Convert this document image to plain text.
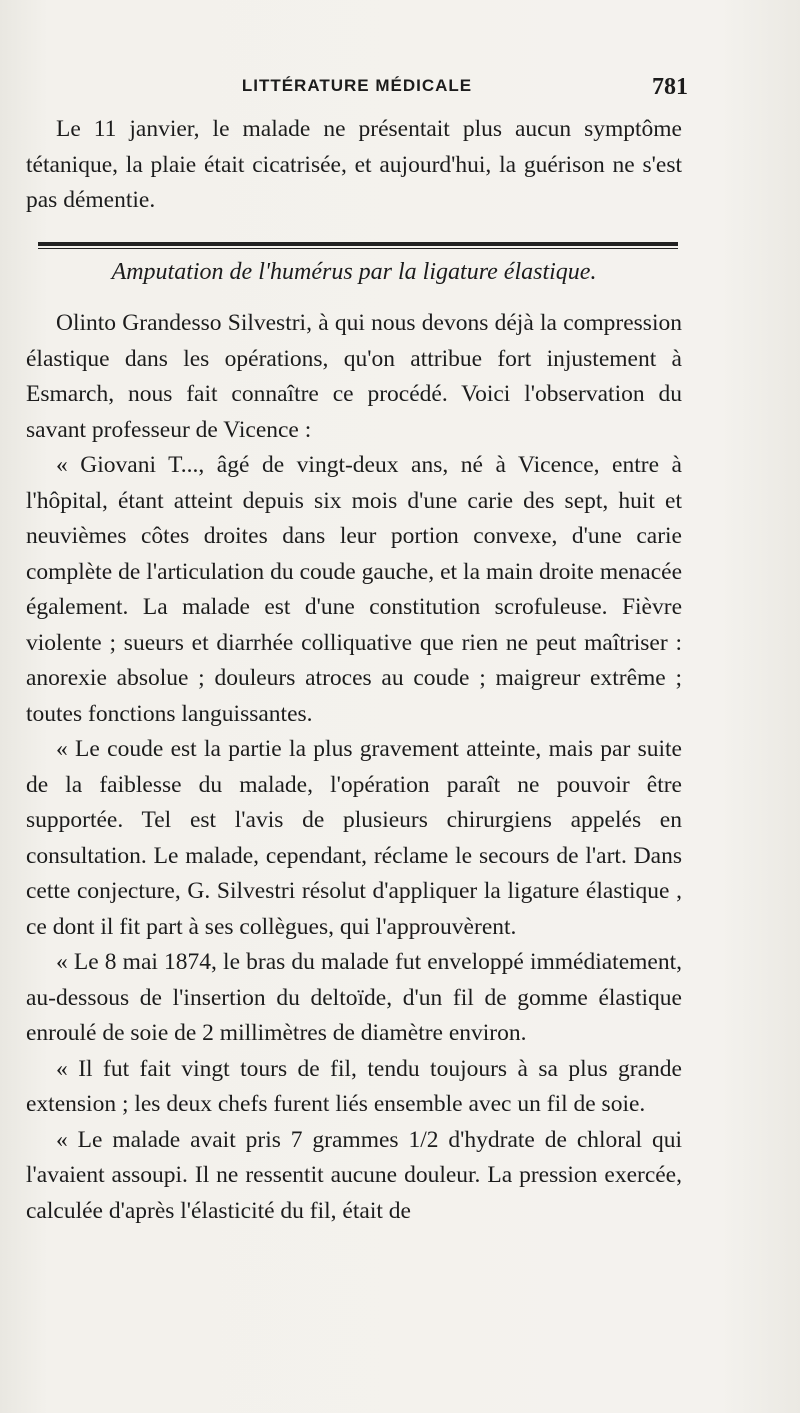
LITTÉRATURE MÉDICALE	781

Le 11 janvier, le malade ne présentait plus aucun symptôme tétanique, la plaie était cicatrisée, et aujourd'hui, la guérison ne s'est pas démentie.

Amputation de l'humérus par la ligature élastique.

Olinto Grandesso Silvestri, à qui nous devons déjà la compression élastique dans les opérations, qu'on attribue fort injustement à Esmarch, nous fait connaître ce procédé. Voici l'observation du savant professeur de Vicence :

« Giovani T..., âgé de vingt-deux ans, né à Vicence, entre à l'hôpital, étant atteint depuis six mois d'une carie des sept, huit et neuvièmes côtes droites dans leur portion convexe, d'une carie complète de l'articulation du coude gauche, et la main droite menacée également. La malade est d'une constitution scrofuleuse. Fièvre violente ; sueurs et diarrhée colliquative que rien ne peut maîtriser : anorexie absolue ; douleurs atroces au coude ; maigreur extrême ; toutes fonctions languissantes.

« Le coude est la partie la plus gravement atteinte, mais par suite de la faiblesse du malade, l'opération paraît ne pouvoir être supportée. Tel est l'avis de plusieurs chirurgiens appelés en consultation. Le malade, cependant, réclame le secours de l'art. Dans cette conjecture, G. Silvestri résolut d'appliquer la ligature élastique , ce dont il fit part à ses collègues, qui l'approuvèrent.

« Le 8 mai 1874, le bras du malade fut enveloppé immédiatement, au-dessous de l'insertion du deltoïde, d'un fil de gomme élastique enroulé de soie de 2 millimètres de diamètre environ.

« Il fut fait vingt tours de fil, tendu toujours à sa plus grande extension ; les deux chefs furent liés ensemble avec un fil de soie.

« Le malade avait pris 7 grammes 1/2 d'hydrate de chloral qui l'avaient assoupi. Il ne ressentit aucune douleur. La pression exercée, calculée d'après l'élasticité du fil, était de
